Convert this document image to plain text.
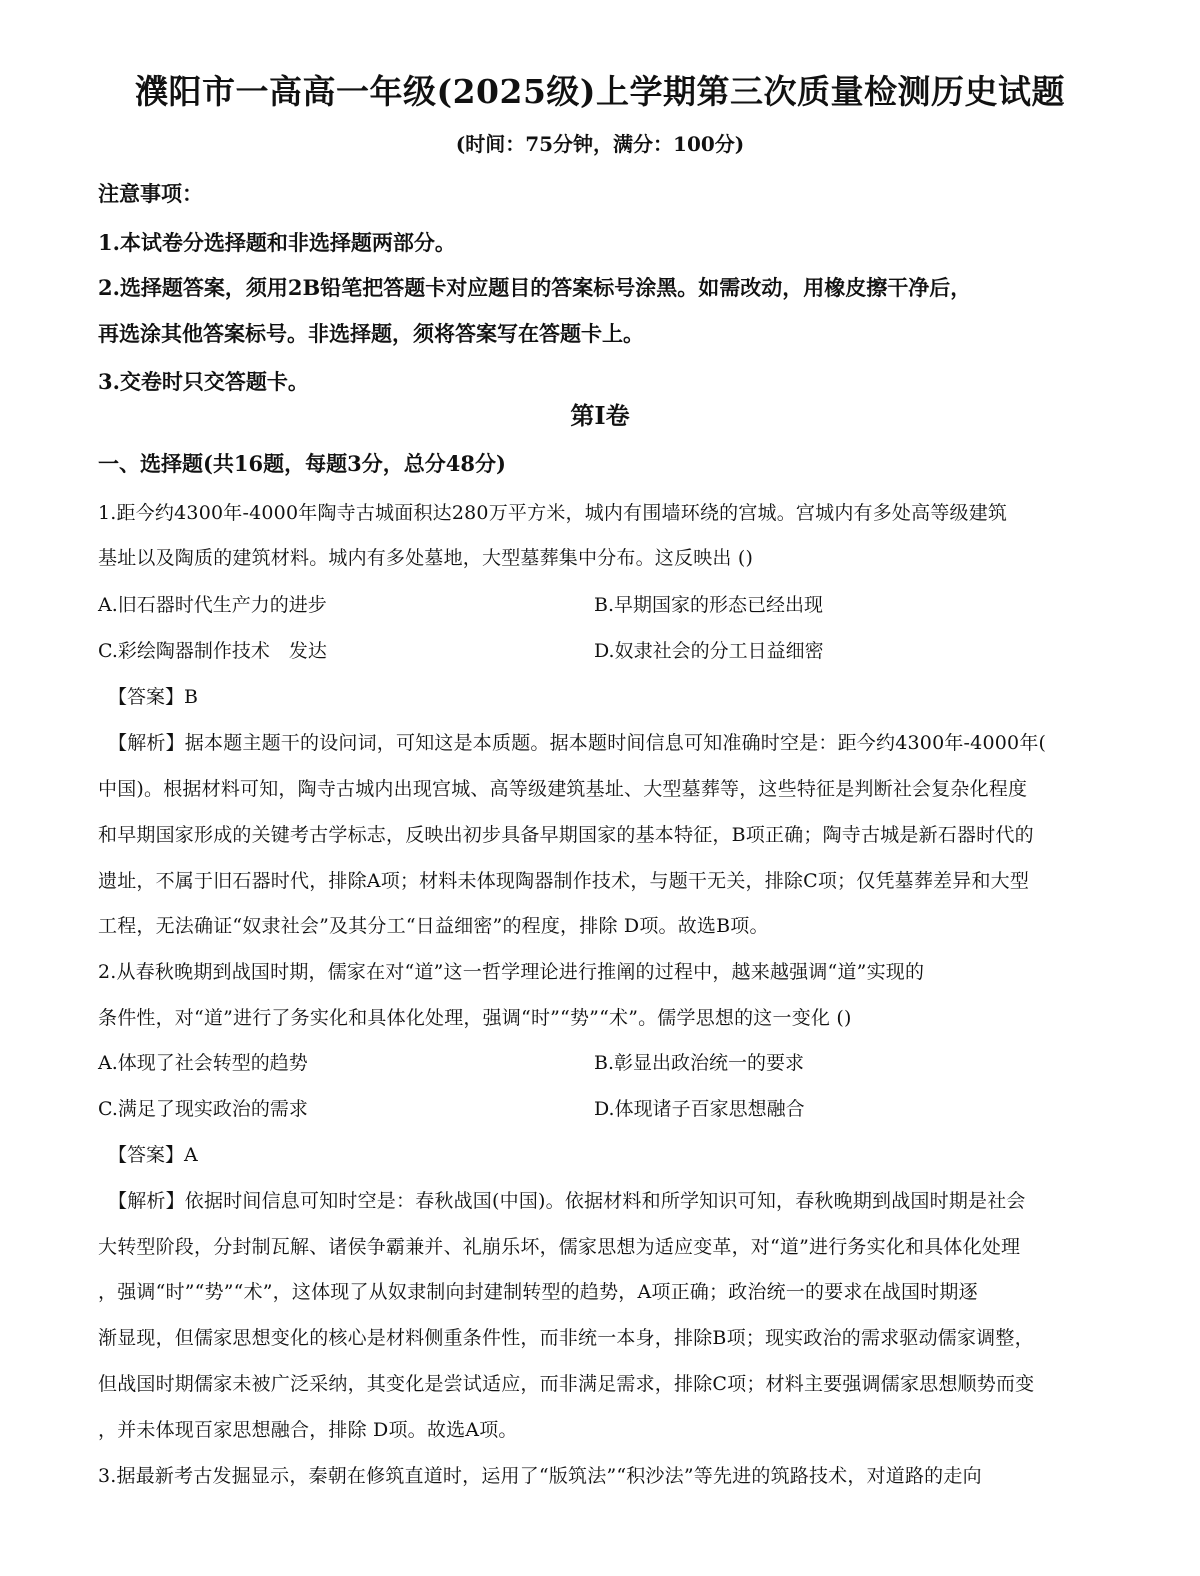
濮阳市一高高一年级(2025级)上学期第三次质量检测历史试题
(时间：75分钟，满分：100分)
注意事项：
1.本试卷分选择题和非选择题两部分。
2.选择题答案，须用2B铅笔把答题卡对应题目的答案标号涂黑。如需改动，用橡皮擦干净后，
再选涂其他答案标号。非选择题，须将答案写在答题卡上。
3.交卷时只交答题卡。
第Ⅰ卷
一、选择题(共16题，每题3分，总分48分)
1.距今约4300年-4000年陶寺古城面积达280万平方米，城内有围墙环绕的宫城。宫城内有多处高等级建筑
基址以及陶质的建筑材料。城内有多处墓地，大型墓葬集中分布。这反映出 ()
A.旧石器时代生产力的进步	B.早期国家的形态已经出现
C.彩绘陶器制作技术　发达	D.奴隶社会的分工日益细密
【答案】B
【解析】据本题主题干的设问词，可知这是本质题。据本题时间信息可知准确时空是：距今约4300年-4000年(
中国)。根据材料可知，陶寺古城内出现宫城、高等级建筑基址、大型墓葬等，这些特征是判断社会复杂化程度
和早期国家形成的关键考古学标志，反映出初步具备早期国家的基本特征，B项正确；陶寺古城是新石器时代的
遗址，不属于旧石器时代，排除A项；材料未体现陶器制作技术，与题干无关，排除C项；仅凭墓葬差异和大型
工程，无法确证“奴隶社会”及其分工“日益细密”的程度，排除 D项。故选B项。
2.从春秋晚期到战国时期，儒家在对“道”这一哲学理论进行推阐的过程中，越来越强调“道”实现的
条件性，对“道”进行了务实化和具体化处理，强调“时”“势”“术”。儒学思想的这一变化 ()
A.体现了社会转型的趋势	B.彰显出政治统一的要求
C.满足了现实政治的需求	D.体现诸子百家思想融合
【答案】A
【解析】依据时间信息可知时空是：春秋战国(中国)。依据材料和所学知识可知，春秋晚期到战国时期是社会
大转型阶段，分封制瓦解、诸侯争霸兼并、礼崩乐坏，儒家思想为适应变革，对“道”进行务实化和具体化处理
，强调“时”“势”“术”，这体现了从奴隶制向封建制转型的趋势，A项正确；政治统一的要求在战国时期逐
渐显现，但儒家思想变化的核心是材料侧重条件性，而非统一本身，排除B项；现实政治的需求驱动儒家调整，
但战国时期儒家未被广泛采纳，其变化是尝试适应，而非满足需求，排除C项；材料主要强调儒家思想顺势而变
，并未体现百家思想融合，排除 D项。故选A项。
3.据最新考古发掘显示，秦朝在修筑直道时，运用了“版筑法”“积沙法”等先进的筑路技术，对道路的走向
